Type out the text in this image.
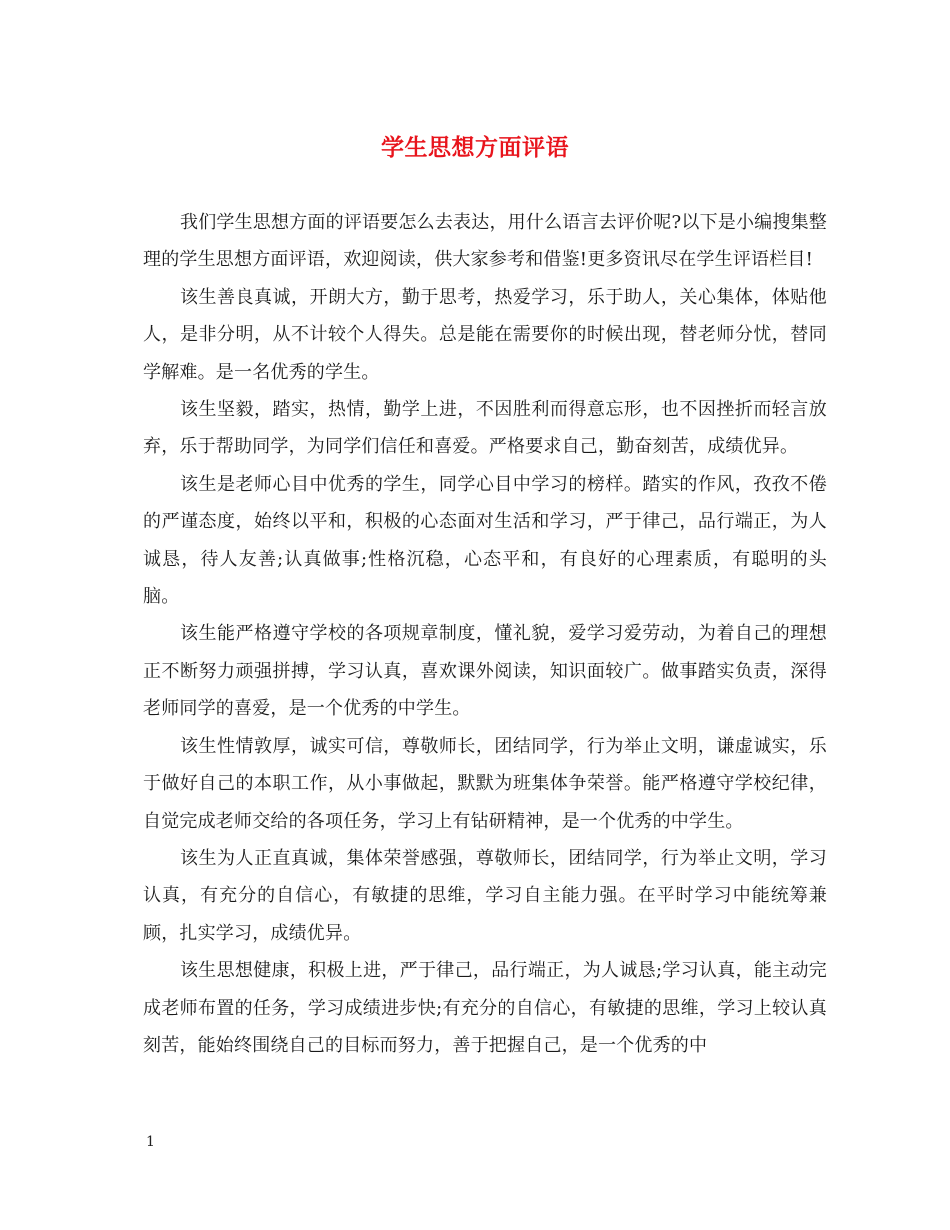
学生思想方面评语

我们学生思想方面的评语要怎么去表达，用什么语言去评价呢?以下是小编搜集整理的学生思想方面评语，欢迎阅读，供大家参考和借鉴!更多资讯尽在学生评语栏目!

该生善良真诚，开朗大方，勤于思考，热爱学习，乐于助人，关心集体，体贴他人，是非分明，从不计较个人得失。总是能在需要你的时候出现，替老师分忧，替同学解难。是一名优秀的学生。

该生坚毅，踏实，热情，勤学上进，不因胜利而得意忘形，也不因挫折而轻言放弃，乐于帮助同学，为同学们信任和喜爱。严格要求自己，勤奋刻苦，成绩优异。

该生是老师心目中优秀的学生，同学心目中学习的榜样。踏实的作风，孜孜不倦的严谨态度，始终以平和，积极的心态面对生活和学习，严于律己，品行端正，为人诚恳，待人友善;认真做事;性格沉稳，心态平和，有良好的心理素质，有聪明的头脑。

该生能严格遵守学校的各项规章制度，懂礼貌，爱学习爱劳动，为着自己的理想正不断努力顽强拼搏，学习认真，喜欢课外阅读，知识面较广。做事踏实负责，深得老师同学的喜爱，是一个优秀的中学生。

该生性情敦厚，诚实可信，尊敬师长，团结同学，行为举止文明，谦虚诚实，乐于做好自己的本职工作，从小事做起，默默为班集体争荣誉。能严格遵守学校纪律，自觉完成老师交给的各项任务，学习上有钻研精神，是一个优秀的中学生。

该生为人正直真诚，集体荣誉感强，尊敬师长，团结同学，行为举止文明，学习认真，有充分的自信心，有敏捷的思维，学习自主能力强。在平时学习中能统筹兼顾，扎实学习，成绩优异。

该生思想健康，积极上进，严于律己，品行端正，为人诚恳;学习认真，能主动完成老师布置的任务，学习成绩进步快;有充分的自信心，有敏捷的思维，学习上较认真刻苦，能始终围绕自己的目标而努力，善于把握自己，是一个优秀的中

1
